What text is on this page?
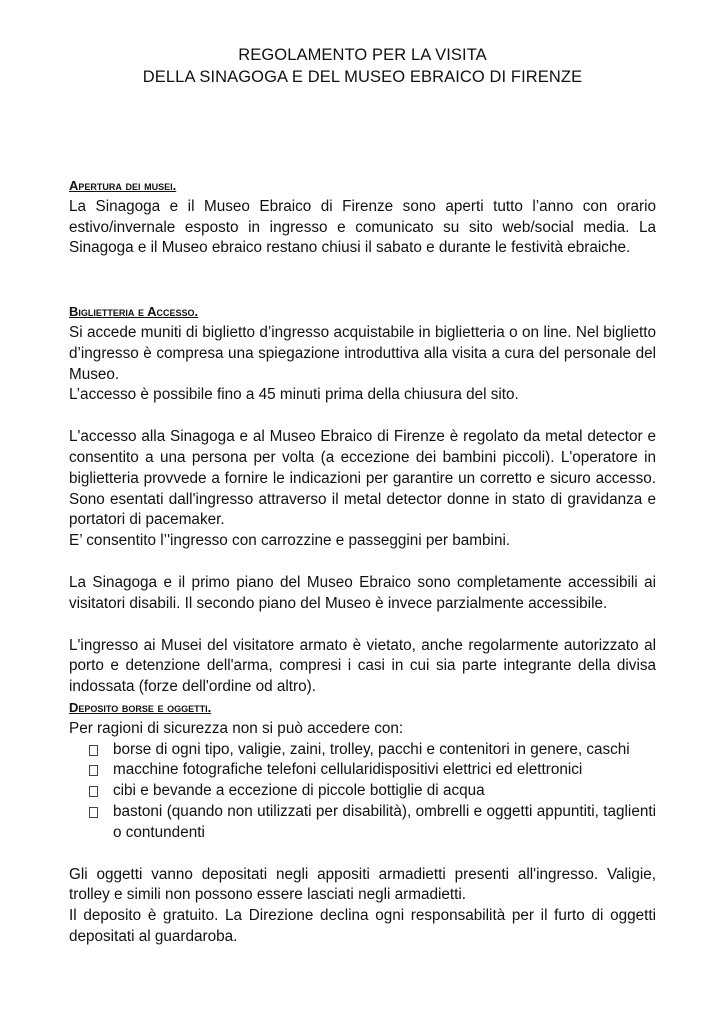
REGOLAMENTO PER LA VISITA
DELLA SINAGOGA E DEL MUSEO EBRAICO DI FIRENZE
Apertura dei musei.

La Sinagoga e il Museo Ebraico di Firenze sono aperti tutto l’anno con orario estivo/invernale esposto in ingresso e comunicato su sito web/social media. La Sinagoga e il Museo ebraico restano chiusi il sabato e durante le festività ebraiche.

Biglietteria e Accesso.

Si accede muniti di biglietto d’ingresso acquistabile in biglietteria o on line. Nel biglietto d’ingresso è compresa una spiegazione introduttiva alla visita a cura del personale del Museo.

L’accesso è possibile fino a 45 minuti prima della chiusura del sito.

L'accesso alla Sinagoga e al Museo Ebraico di Firenze è regolato da metal detector e consentito a una persona per volta (a eccezione dei bambini piccoli). L'operatore in biglietteria provvede a fornire le indicazioni per garantire un corretto e sicuro accesso. Sono esentati dall'ingresso attraverso il metal detector donne in stato di gravidanza e portatori di pacemaker.

E’ consentito l’'ingresso con carrozzine e passeggini per bambini.

La Sinagoga e il primo piano del Museo Ebraico sono completamente accessibili ai visitatori disabili. Il secondo piano del Museo è invece parzialmente accessibile.

L'ingresso ai Musei del visitatore armato è vietato, anche regolarmente autorizzato al porto e detenzione dell'arma, compresi i casi in cui sia parte integrante della divisa indossata (forze dell'ordine od altro).

Deposito borse e oggetti.

Per ragioni di sicurezza non si può accedere con:

borse di ogni tipo, valigie, zaini, trolley, pacchi e contenitori in genere, caschi
macchine fotografiche telefoni cellularidispositivi elettrici ed elettronici
cibi e bevande a eccezione di piccole bottiglie di acqua
bastoni (quando non utilizzati per disabilità), ombrelli e oggetti appuntiti, taglienti o contundenti

Gli oggetti vanno depositati negli appositi armadietti presenti all'ingresso. Valigie, trolley e simili non possono essere lasciati negli armadietti.

Il deposito è gratuito. La Direzione declina ogni responsabilità per il furto di oggetti depositati al guardaroba.
